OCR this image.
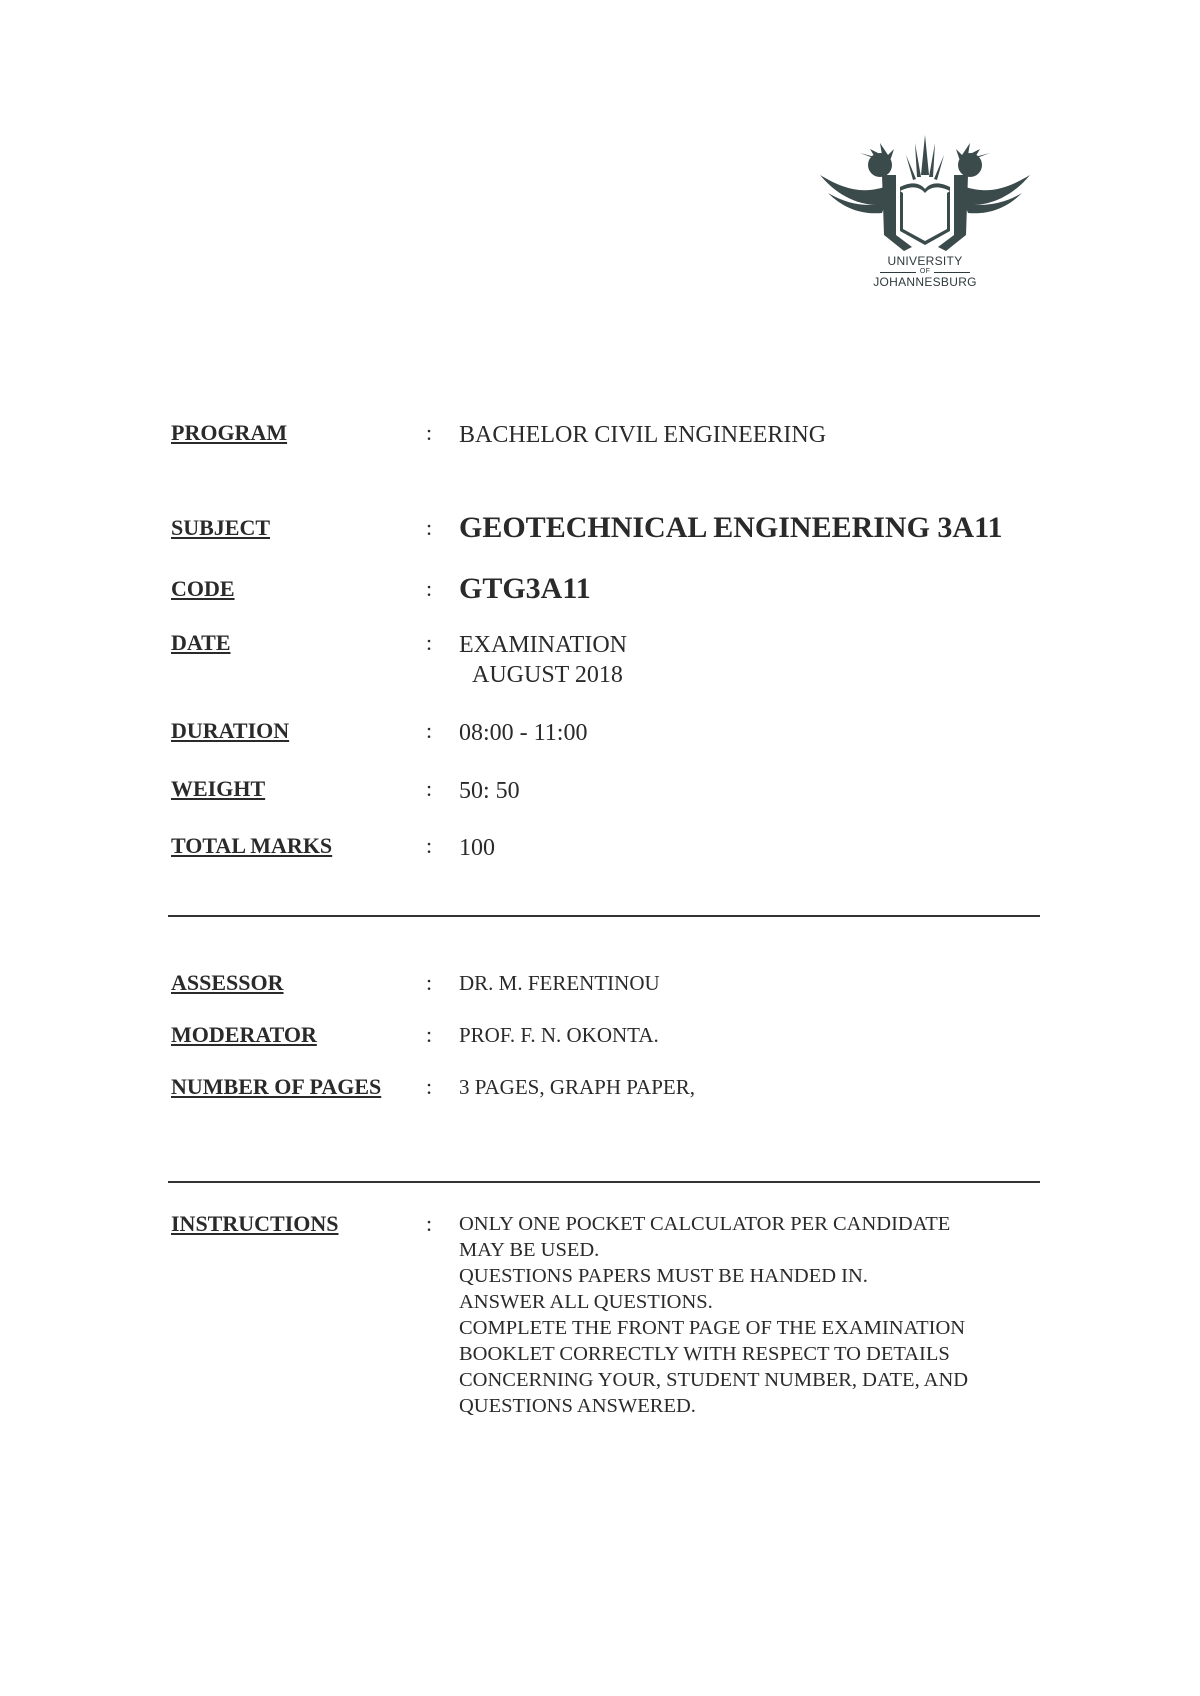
UNIVERSITY
OF
JOHANNESBURG
PROGRAM	:	BACHELOR CIVIL ENGINEERING
SUBJECT	: GEOTECHNICAL ENGINEERING 3A11
CODE	: GTG3A11
DATE	:	EXAMINATION
AUGUST 2018
DURATION	:	08:00 - 11:00
WEIGHT	:	50: 50
TOTAL MARKS	:	100
ASSESSOR	:	DR. M. FERENTINOU
MODERATOR	:	PROF. F. N. OKONTA.
NUMBER OF PAGES	:	3 PAGES, GRAPH PAPER,
INSTRUCTIONS	:	ONLY ONE POCKET CALCULATOR PER CANDIDATE
MAY BE USED.
QUESTIONS PAPERS MUST BE HANDED IN.
ANSWER ALL QUESTIONS.
COMPLETE THE FRONT PAGE OF THE EXAMINATION
BOOKLET CORRECTLY WITH RESPECT TO DETAILS
CONCERNING YOUR, STUDENT NUMBER, DATE, AND
QUESTIONS ANSWERED.
